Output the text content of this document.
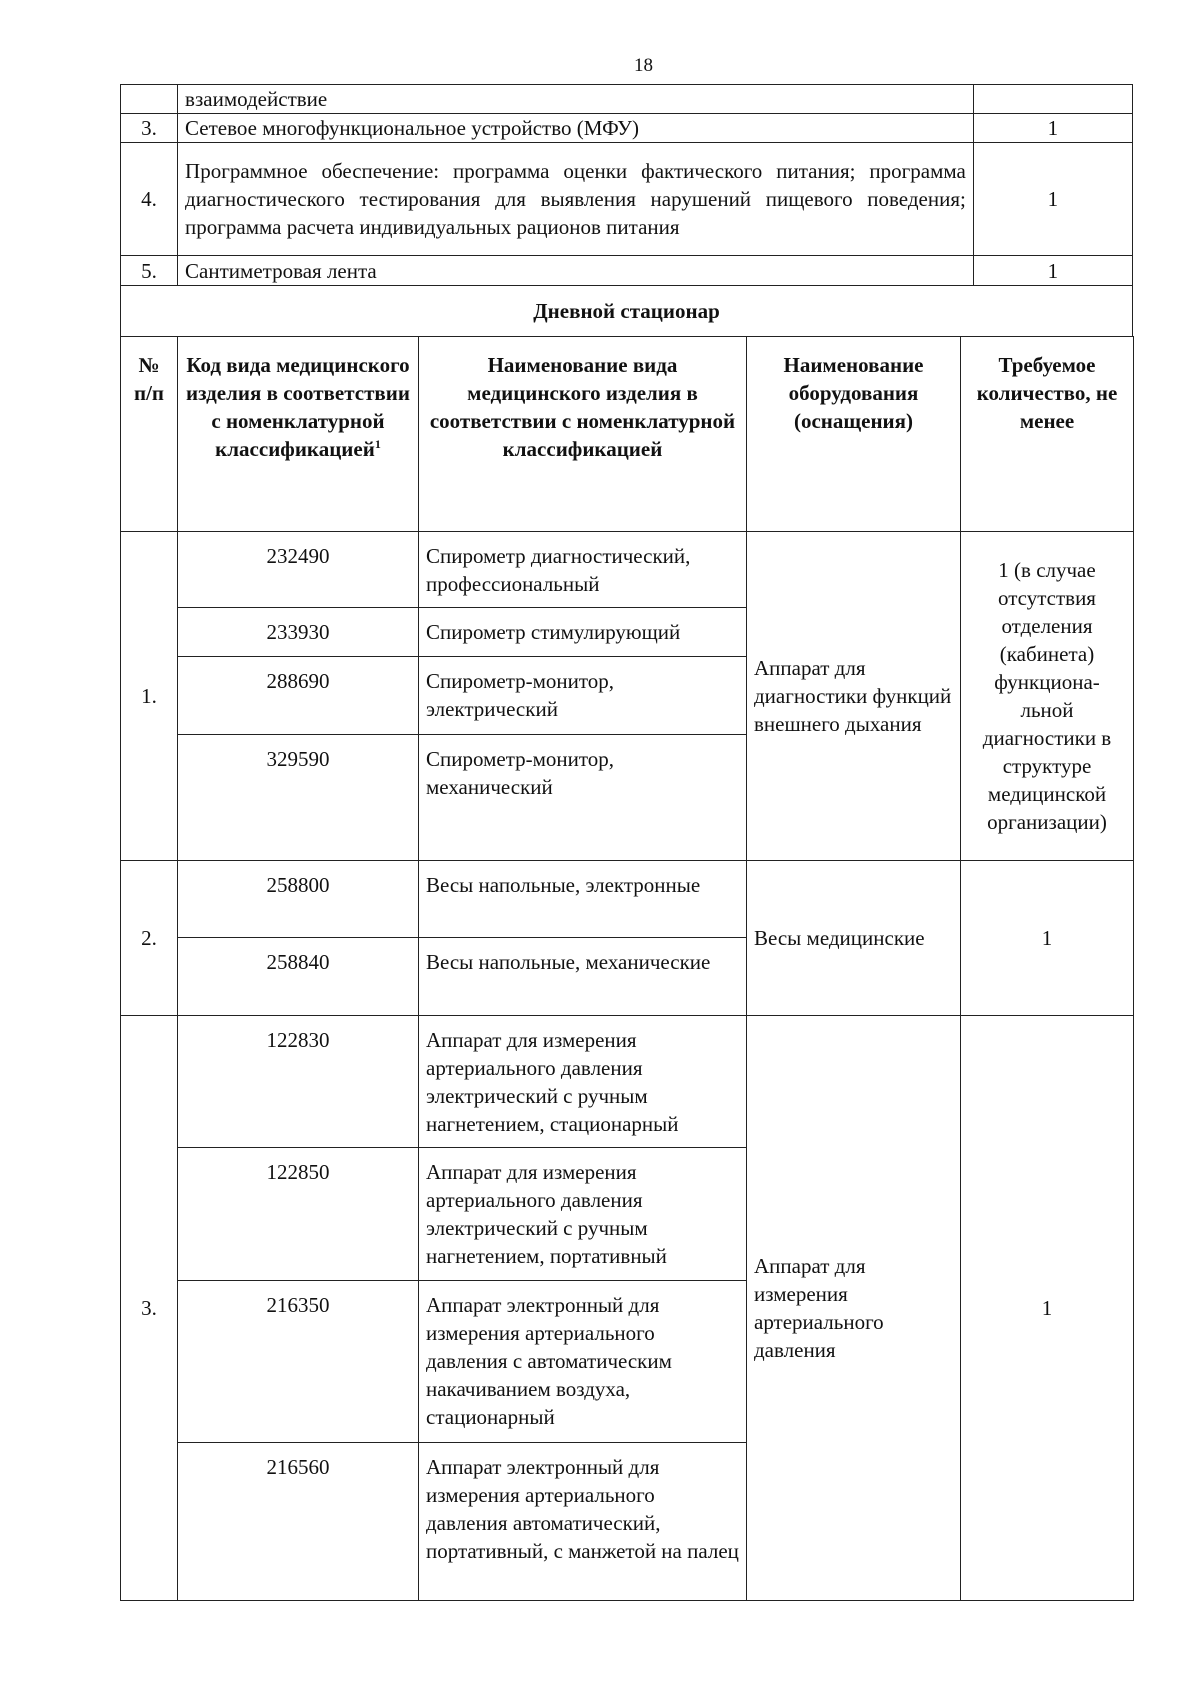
18
	взаимодействие	
3.	Сетевое многофункциональное устройство (МФУ)	1
4.	Программное обеспечение: программа оценки фактического питания; программа диагностического тестирования для выявления нарушений пищевого поведения; программа расчета индивидуальных рационов питания	1
5.	Сантиметровая лента	1
Дневной стационар		
№ п/п	Код вида медицинского изделия в соответствии с номенклатурной классификацией$^1$	Наименование вида медицинского изделия в соответствии с номенклатурной классификацией	Наименование оборудования (оснащения)	Требуемое количество, не менее
1.	232490	Спирометр диагностический, профессиональный	Аппарат для диагностики функций внешнего дыхания	1 (в случае отсутствия отделения (кабинета) функциона-льной диагностики в структуре медицинской организации)
	233930	Спирометр стимулирующий		
	288690	Спирометр-монитор, электрический		
	329590	Спирометр-монитор, механический		
2.	258800	Весы напольные, электронные	Весы медицинские	1
	258840	Весы напольные, механические		
3.	122830	Аппарат для измерения артериального давления электрический с ручным нагнетением, стационарный	Аппарат для измерения артериального давления	1
	122850	Аппарат для измерения артериального давления электрический с ручным нагнетением, портативный		
	216350	Аппарат электронный для измерения артериального давления с автоматическим накачиванием воздуха, стационарный		
	216560	Аппарат электронный для измерения артериального давления автоматический, портативный, с манжетой на палец		
